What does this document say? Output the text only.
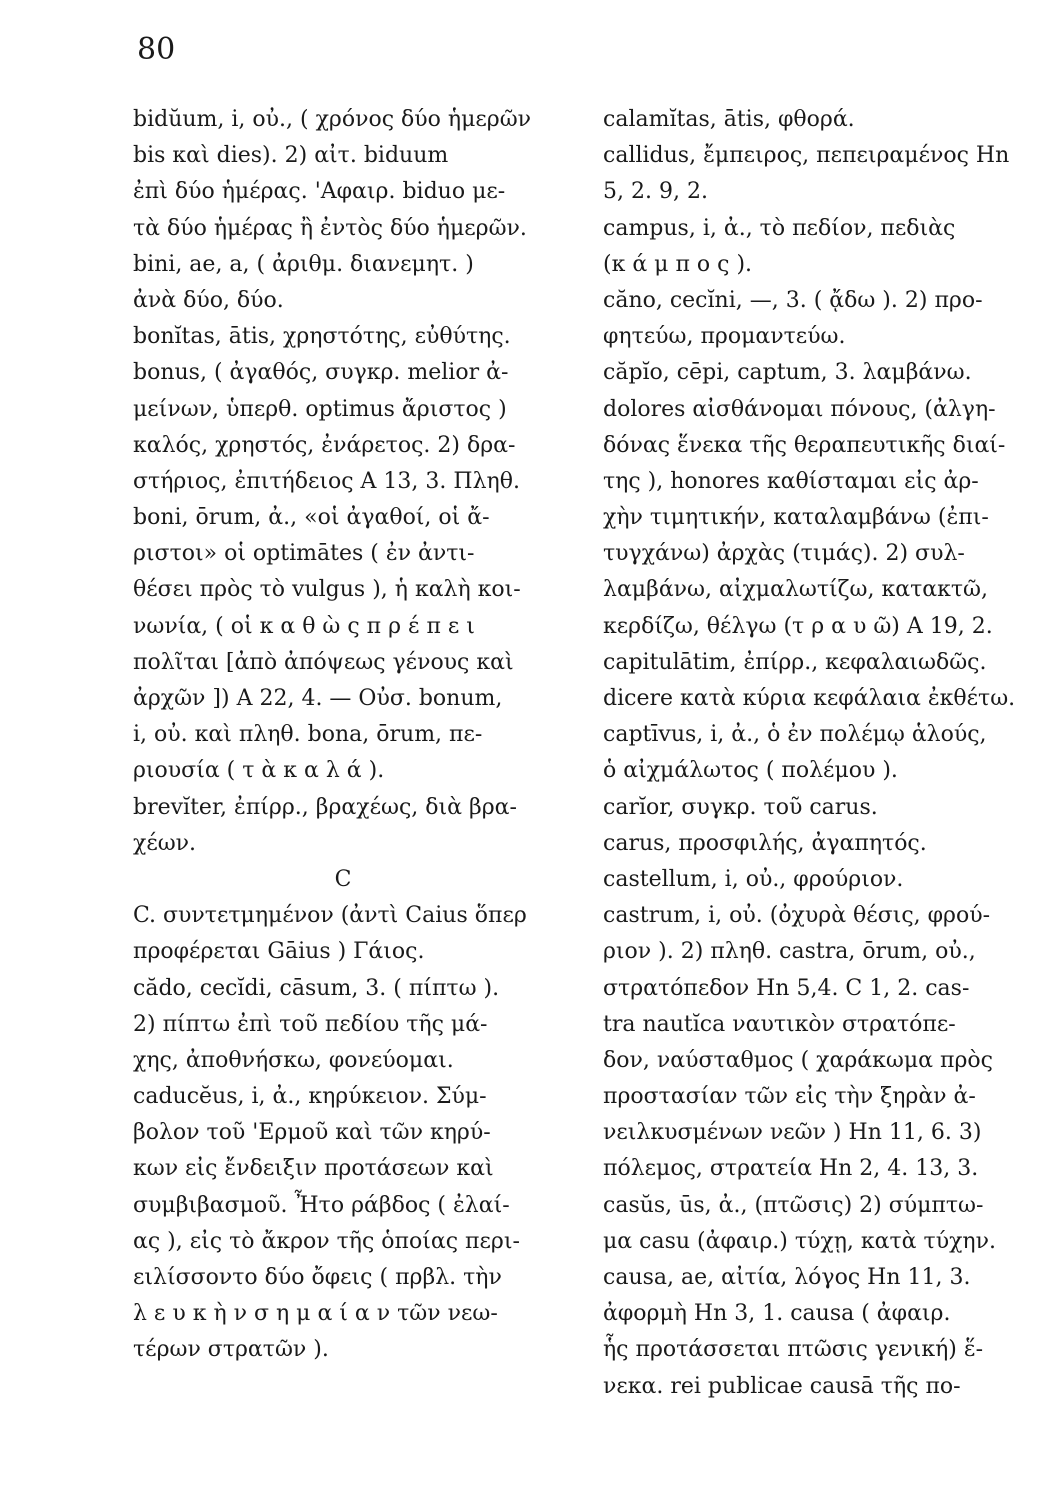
80
bidŭum, i, οὐ., ( χρόνος δύο ἡμερῶν
bis καὶ dies). 2) αἰτ. biduum
ἐπὶ δύο ἡμέρας. 'Αφαιρ. biduo με-
τὰ δύο ἡμέρας ἢ ἐντὸς δύο ἡμερῶν.
bini, ae, a, ( ἀριθμ. διανεμητ. )
ἀνὰ δύο, δύο.
bonĭtas, ātis, χρηστότης, εὐθύτης.
bonus, ( ἀγαθός, συγκρ. melior ἀ-
μείνων, ὑπερθ. optimus ἄριστος )
καλός, χρηστός, ἐνάρετος. 2) δρα-
στήριος, ἐπιτήδειος A 13, 3. Πληθ.
boni, ōrum, ἀ., «οἱ ἀγαθοί, οἱ ἄ-
ριστοι» οἱ optimātes ( ἐν ἀντι-
θέσει πρὸς τὸ vulgus ), ἡ καλὴ κοι-
νωνία, ( οἱ κ α θ ὼ ς π ρ έ π ε ι
πολῖται [ἀπὸ ἀπόψεως γένους καὶ
ἀρχῶν ]) A 22, 4. — Οὐσ. bonum,
i, οὐ. καὶ πληθ. bona, ōrum, πε-
ριουσία ( τ ὰ κ α λ ά ).
brevĭter, ἐπίρρ., βραχέως, διὰ βρα-
χέων.
C
C. συντετμημένον (ἀντὶ Caius ὅπερ
προφέρεται Gāius ) Γάιος.
cădo, cecĭdi, cāsum, 3. ( πίπτω ).
2) πίπτω ἐπὶ τοῦ πεδίου τῆς μά-
χης, ἀποθνήσκω, φονεύομαι.
caducĕus, i, ἀ., κηρύκειον. Σύμ-
βολον τοῦ 'Ερμοῦ καὶ τῶν κηρύ-
κων εἰς ἔνδειξιν προτάσεων καὶ
συμβιβασμοῦ. Ἦτο ράβδος ( ἐλαί-
ας ), εἰς τὸ ἄκρον τῆς ὁποίας περι-
ειλίσσοντο δύο ὄφεις ( πρβλ. τὴν
λ ε υ κ ὴ ν σ η μ α ί α ν τῶν νεω-
τέρων στρατῶν ).
calamĭtas, ātis, φθορά.
callidus, ἔμπειρος, πεπειραμένος Hn
5, 2. 9, 2.
campus, i, ἀ., τὸ πεδίον, πεδιὰς
(κ ά μ π ο ς ).
căno, cecĭni, —, 3. ( ᾄδω ). 2) προ-
φητεύω, προμαντεύω.
căpĭo, cēpi, captum, 3. λαμβάνω.
dolores αἰσθάνομαι πόνους, (ἀλγη-
δόνας ἕνεκα τῆς θεραπευτικῆς διαί-
της ), honores καθίσταμαι εἰς ἀρ-
χὴν τιμητικήν, καταλαμβάνω (ἐπι-
τυγχάνω) ἀρχὰς (τιμάς). 2) συλ-
λαμβάνω, αἰχμαλωτίζω, κατακτῶ,
κερδίζω, θέλγω (τ ρ α υ ῶ) A 19, 2.
capitulātim, ἐπίρρ., κεφαλαιωδῶς.
dicere κατὰ κύρια κεφάλαια ἐκθέτω.
captīvus, i, ἀ., ὁ ἐν πολέμῳ ἁλούς,
ὁ αἰχμάλωτος ( πολέμου ).
carĭor, συγκρ. τοῦ carus.
carus, προσφιλής, ἀγαπητός.
castellum, i, οὐ., φρούριον.
castrum, i, οὐ. (ὀχυρὰ θέσις, φρού-
ριον ). 2) πληθ. castra, ōrum, οὐ.,
στρατόπεδον Hn 5,4. C 1, 2. cas-
tra nautĭca ναυτικὸν στρατόπε-
δον, ναύσταθμος ( χαράκωμα πρὸς
προστασίαν τῶν εἰς τὴν ξηρὰν ἀ-
νειλκυσμένων νεῶν ) Hn 11, 6. 3)
πόλεμος, στρατεία Hn 2, 4. 13, 3.
casŭs, ūs, ἀ., (πτῶσις) 2) σύμπτω-
μα casu (ἀφαιρ.) τύχῃ, κατὰ τύχην.
causa, ae, αἰτία, λόγος Hn 11, 3.
ἀφορμὴ Hn 3, 1. causa ( ἀφαιρ.
ἧς προτάσσεται πτῶσις γενική) ἕ-
νεκα. rei publicae causā τῆς πο-
